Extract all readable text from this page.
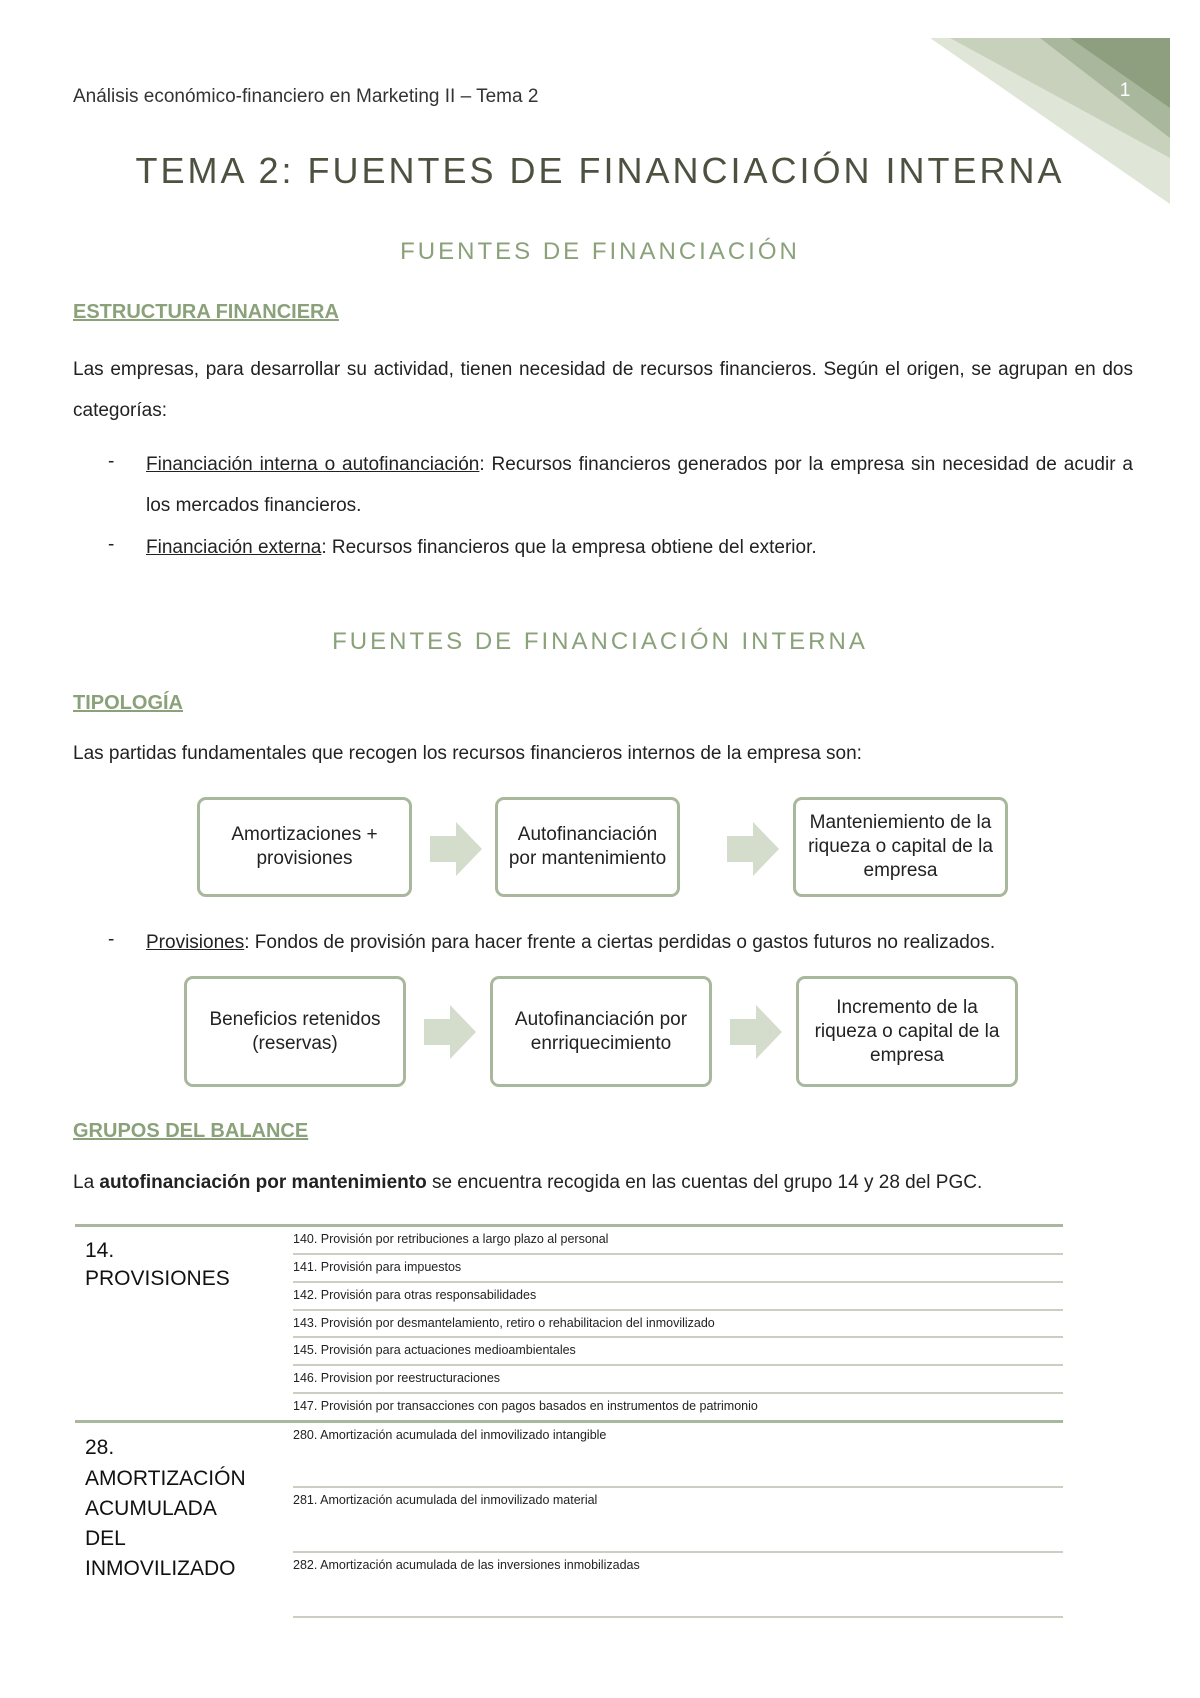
Análisis económico-financiero en Marketing II – Tema 2	1
TEMA 2: FUENTES DE FINANCIACIÓN INTERNA
FUENTES DE FINANCIACIÓN
ESTRUCTURA FINANCIERA
Las empresas, para desarrollar su actividad, tienen necesidad de recursos financieros. Según el origen, se agrupan en dos categorías:
- Financiación interna o autofinanciación: Recursos financieros generados por la empresa sin necesidad de acudir a los mercados financieros.
- Financiación externa: Recursos financieros que la empresa obtiene del exterior.
FUENTES DE FINANCIACIÓN INTERNA
TIPOLOGÍA
Las partidas fundamentales que recogen los recursos financieros internos de la empresa son:
Amortizaciones + provisiones
Autofinanciación por mantenimiento
Manteniemiento de la riqueza o capital de la empresa
- Provisiones: Fondos de provisión para hacer frente a ciertas perdidas o gastos futuros no realizados.
Beneficios retenidos (reservas)
Autofinanciación por enrriquecimiento
Incremento de la riqueza o capital de la empresa
GRUPOS DEL BALANCE
La autofinanciación por mantenimiento se encuentra recogida en las cuentas del grupo 14 y 28 del PGC.
14.
PROVISIONES
140. Provisión por retribuciones a largo plazo al personal
141. Provisión para impuestos
142. Provisión para otras responsabilidades
143. Provisión por desmantelamiento, retiro o rehabilitacion del inmovilizado
145. Provisión para actuaciones medioambientales
146. Provision por reestructuraciones
147. Provisión por transacciones con pagos basados en instrumentos de patrimonio
28.
AMORTIZACIÓN
ACUMULADA
DEL
INMOVILIZADO
280. Amortización acumulada del inmovilizado intangible
281. Amortización acumulada del inmovilizado material
282. Amortización acumulada de las inversiones inmobilizadas
